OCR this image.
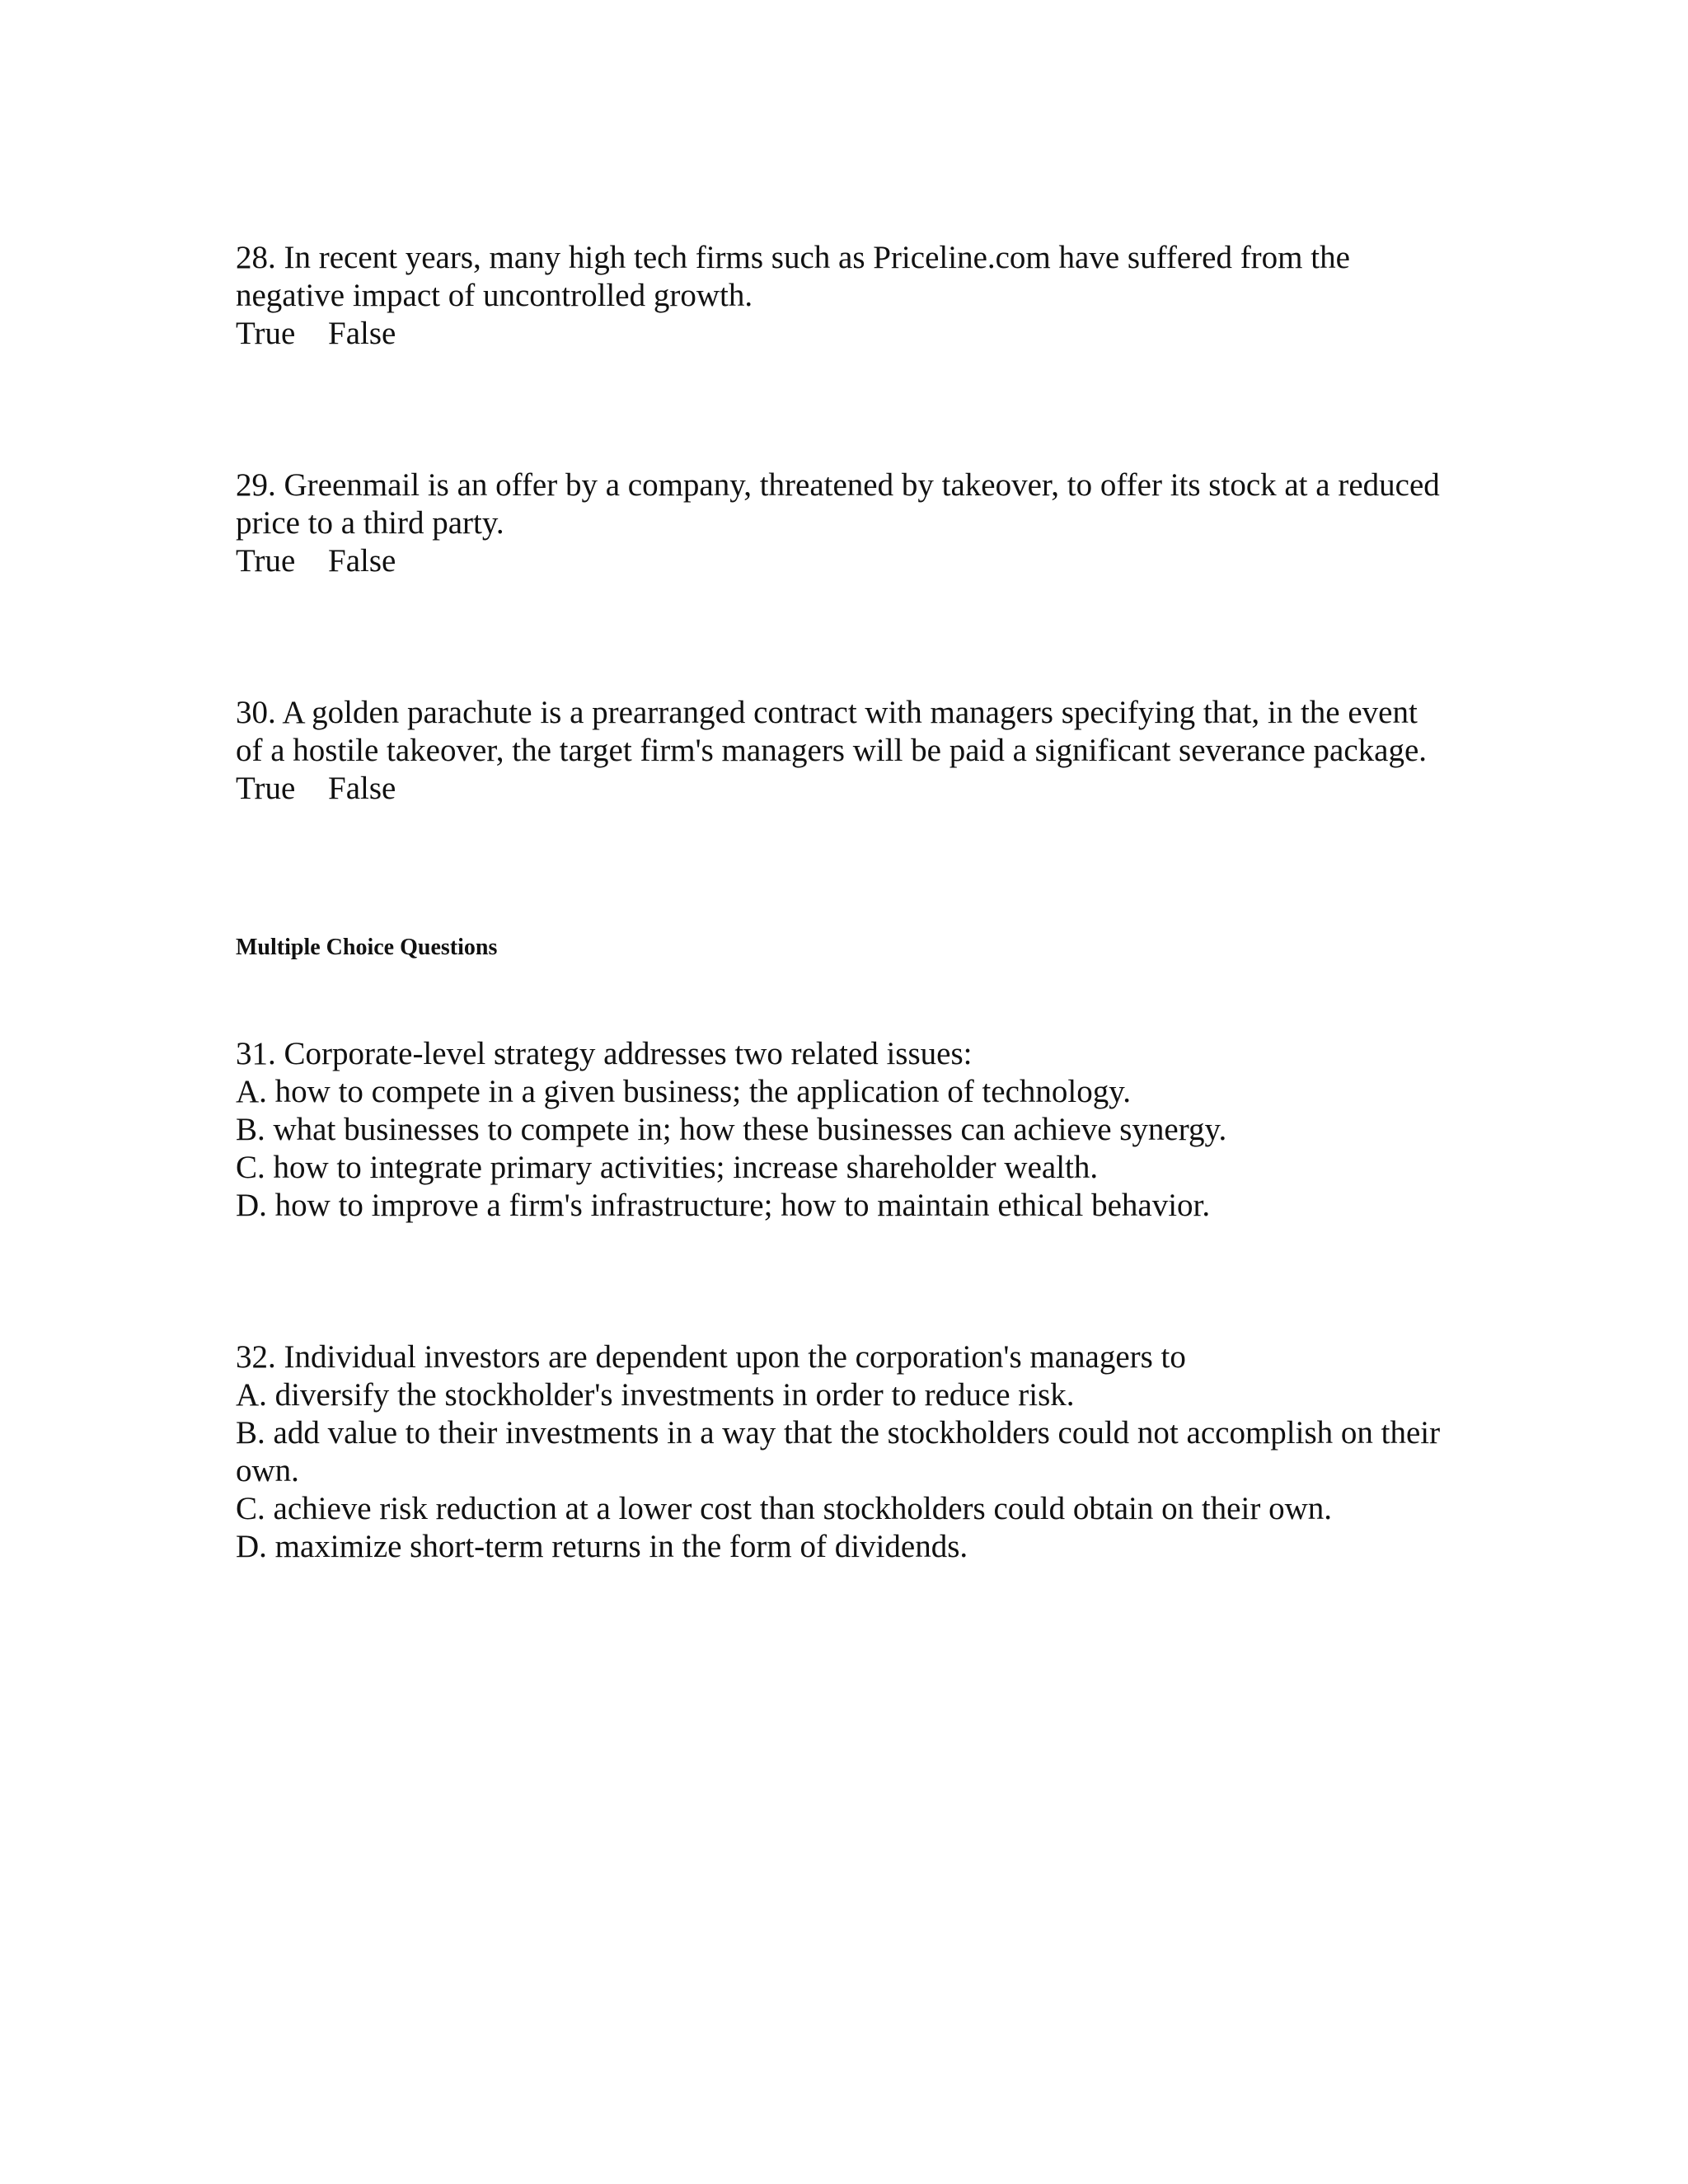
28. In recent years, many high tech firms such as Priceline.com have suffered from the
negative impact of uncontrolled growth.
True False
29. Greenmail is an offer by a company, threatened by takeover, to offer its stock at a reduced
price to a third party.
True False
30. A golden parachute is a prearranged contract with managers specifying that, in the event
of a hostile takeover, the target firm's managers will be paid a significant severance package.
True False
Multiple Choice Questions
31. Corporate-level strategy addresses two related issues:
A. how to compete in a given business; the application of technology.
B. what businesses to compete in; how these businesses can achieve synergy.
C. how to integrate primary activities; increase shareholder wealth.
D. how to improve a firm's infrastructure; how to maintain ethical behavior.
32. Individual investors are dependent upon the corporation's managers to
A. diversify the stockholder's investments in order to reduce risk.
B. add value to their investments in a way that the stockholders could not accomplish on their
own.
C. achieve risk reduction at a lower cost than stockholders could obtain on their own.
D. maximize short-term returns in the form of dividends.
